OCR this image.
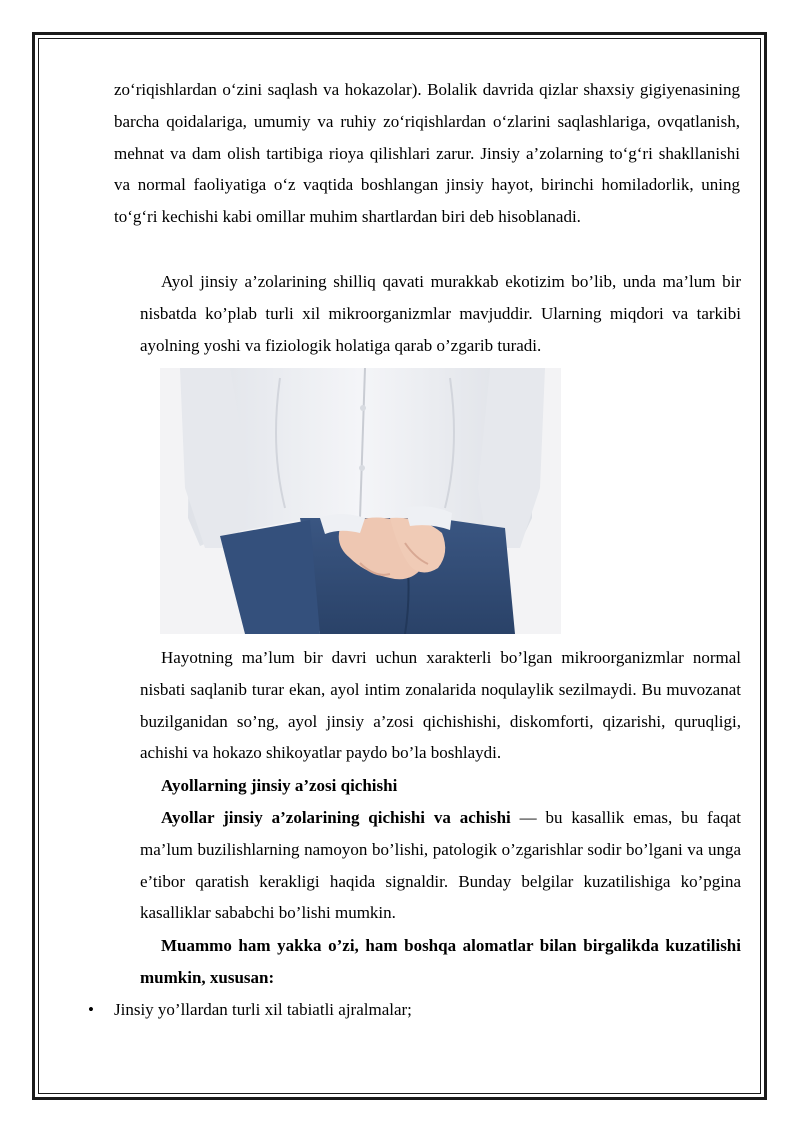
zo‘riqishlardan o‘zini saqlash va hokazolar). Bolalik davrida qizlar shaxsiy gigiyenasining barcha qoidalariga, umumiy va ruhiy zo‘riqishlardan o‘zlarini saqlashlariga, ovqatlanish, mehnat va dam olish tartibiga rioya qilishlari zarur. Jinsiy a’zolarning to‘g‘ri shakllanishi va normal faoliyatiga o‘z vaqtida boshlangan jinsiy hayot, birinchi homiladorlik, uning to‘g‘ri kechishi kabi omillar muhim shartlardan biri deb hisoblanadi.

Ayol jinsiy a’zolarining shilliq qavati murakkab ekotizim bo’lib, unda ma’lum bir nisbatda ko’plab turli xil mikroorganizmlar mavjuddir. Ularning miqdori va tarkibi ayolning yoshi va fiziologik holatiga qarab o’zgarib turadi.

Hayotning ma’lum bir davri uchun xarakterli bo’lgan mikroorganizmlar normal nisbati saqlanib turar ekan, ayol intim zonalarida noqulaylik sezilmaydi. Bu muvozanat buzilganidan so’ng, ayol jinsiy a’zosi qichishishi, diskomforti, qizarishi, quruqligi, achishi va hokazo shikoyatlar paydo bo’la boshlaydi.

Ayollarning jinsiy a’zosi qichishi

Ayollar jinsiy a’zolarining qichishi va achishi — bu kasallik emas, bu faqat ma’lum buzilishlarning namoyon bo’lishi, patologik o’zgarishlar sodir bo’lgani va unga e’tibor qaratish kerakligi haqida signaldir. Bunday belgilar kuzatilishiga ko’pgina kasalliklar sababchi bo’lishi mumkin.

Muammo ham yakka o’zi, ham boshqa alomatlar bilan birgalikda kuzatilishi mumkin, xususan:

• Jinsiy yo’llardan turli xil tabiatli ajralmalar;
